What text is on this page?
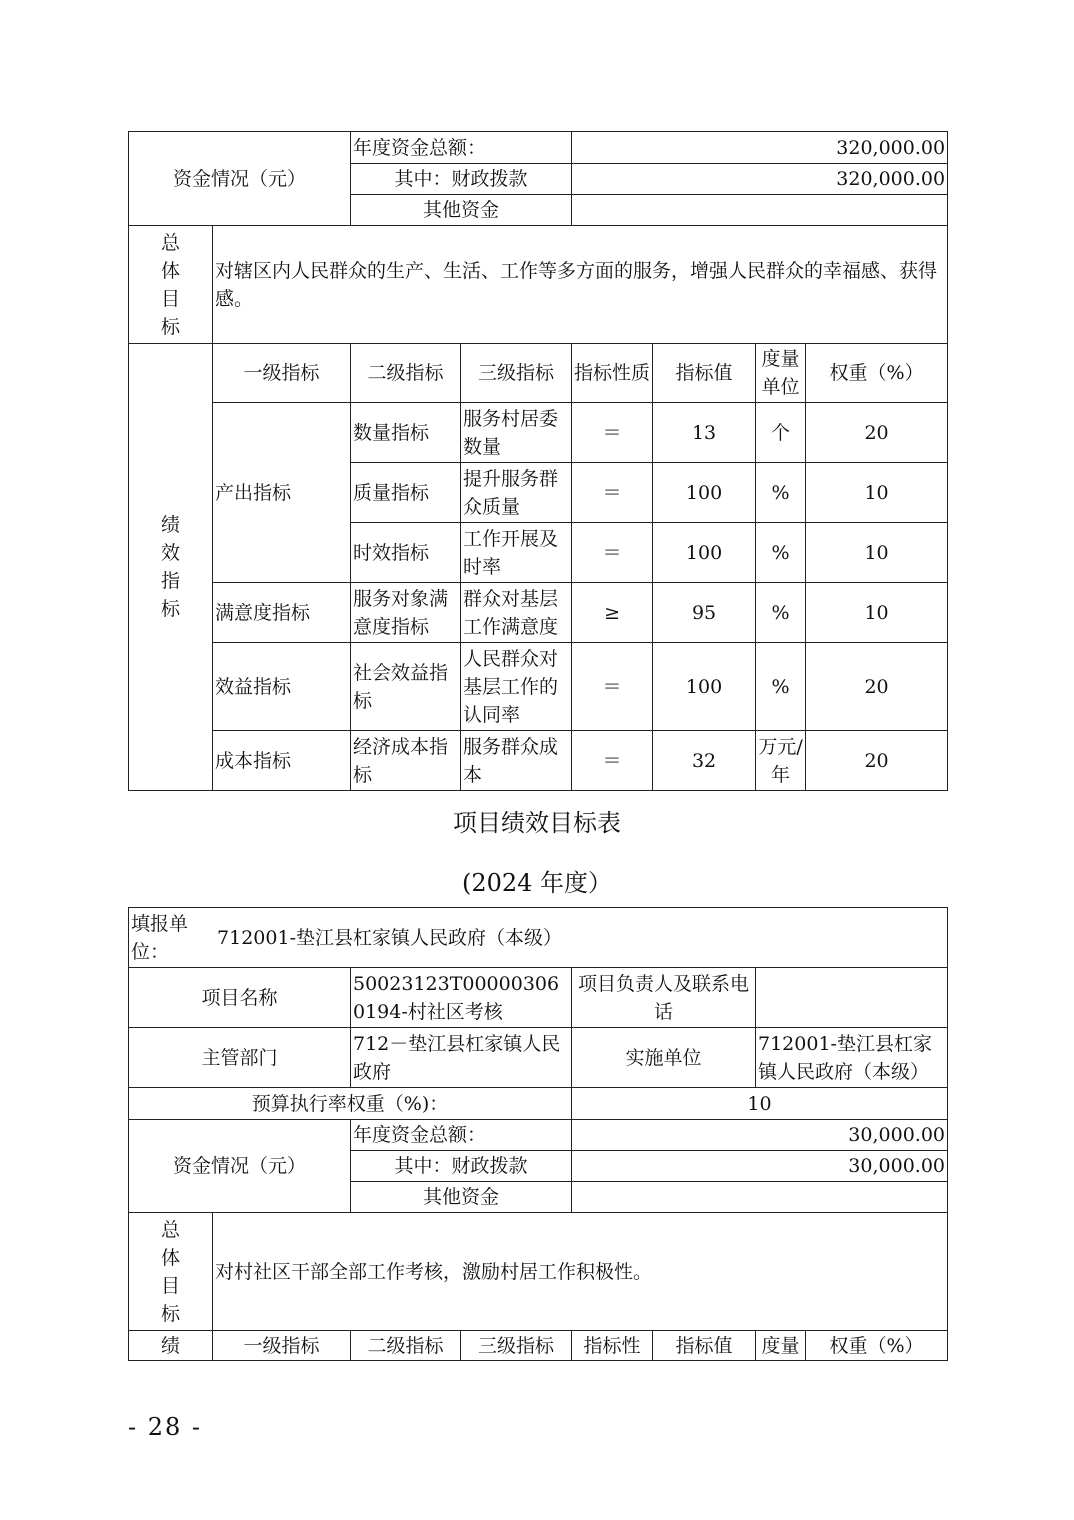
资金情况（元）		年度资金总额：		320,000.00			
		其中：财政拨款		320,000.00			
		其他资金					
总体目标	对辖区内人民群众的生产、生活、工作等多方面的服务，增强人民群众的幸福感、获得感。						
绩效指标	一级指标	二级指标	三级指标	指标性质	指标值	度量单位	权重（%）
	产出指标	数量指标	服务村居委数量	＝	13	个	20
		质量指标	提升服务群众质量	＝	100	%	10
		时效指标	工作开展及时率	＝	100	%	10
	满意度指标	服务对象满意度指标	群众对基层工作满意度	≥	95	%	10
	效益指标	社会效益指标	人民群众对基层工作的认同率	＝	100	%	20
	成本指标	经济成本指标	服务群众成本	＝	32	万元/年	20
项目绩效目标表
(2024 年度）
填报单位： 712001-垫江县杠家镇人民政府（本级）							
项目名称		50023123T000003060194-村社区考核		项目负责人及联系电话			
主管部门		712－垫江县杠家镇人民政府		实施单位		712001-垫江县杠家镇人民政府（本级）	
预算执行率权重（%)：				10			
资金情况（元）		年度资金总额：		30,000.00			
		其中：财政拨款		30,000.00			
		其他资金					
总体目标	对村社区干部全部工作考核，激励村居工作积极性。						
绩	一级指标	二级指标	三级指标	指标性	指标值	度量	权重（%）
- 28 -
